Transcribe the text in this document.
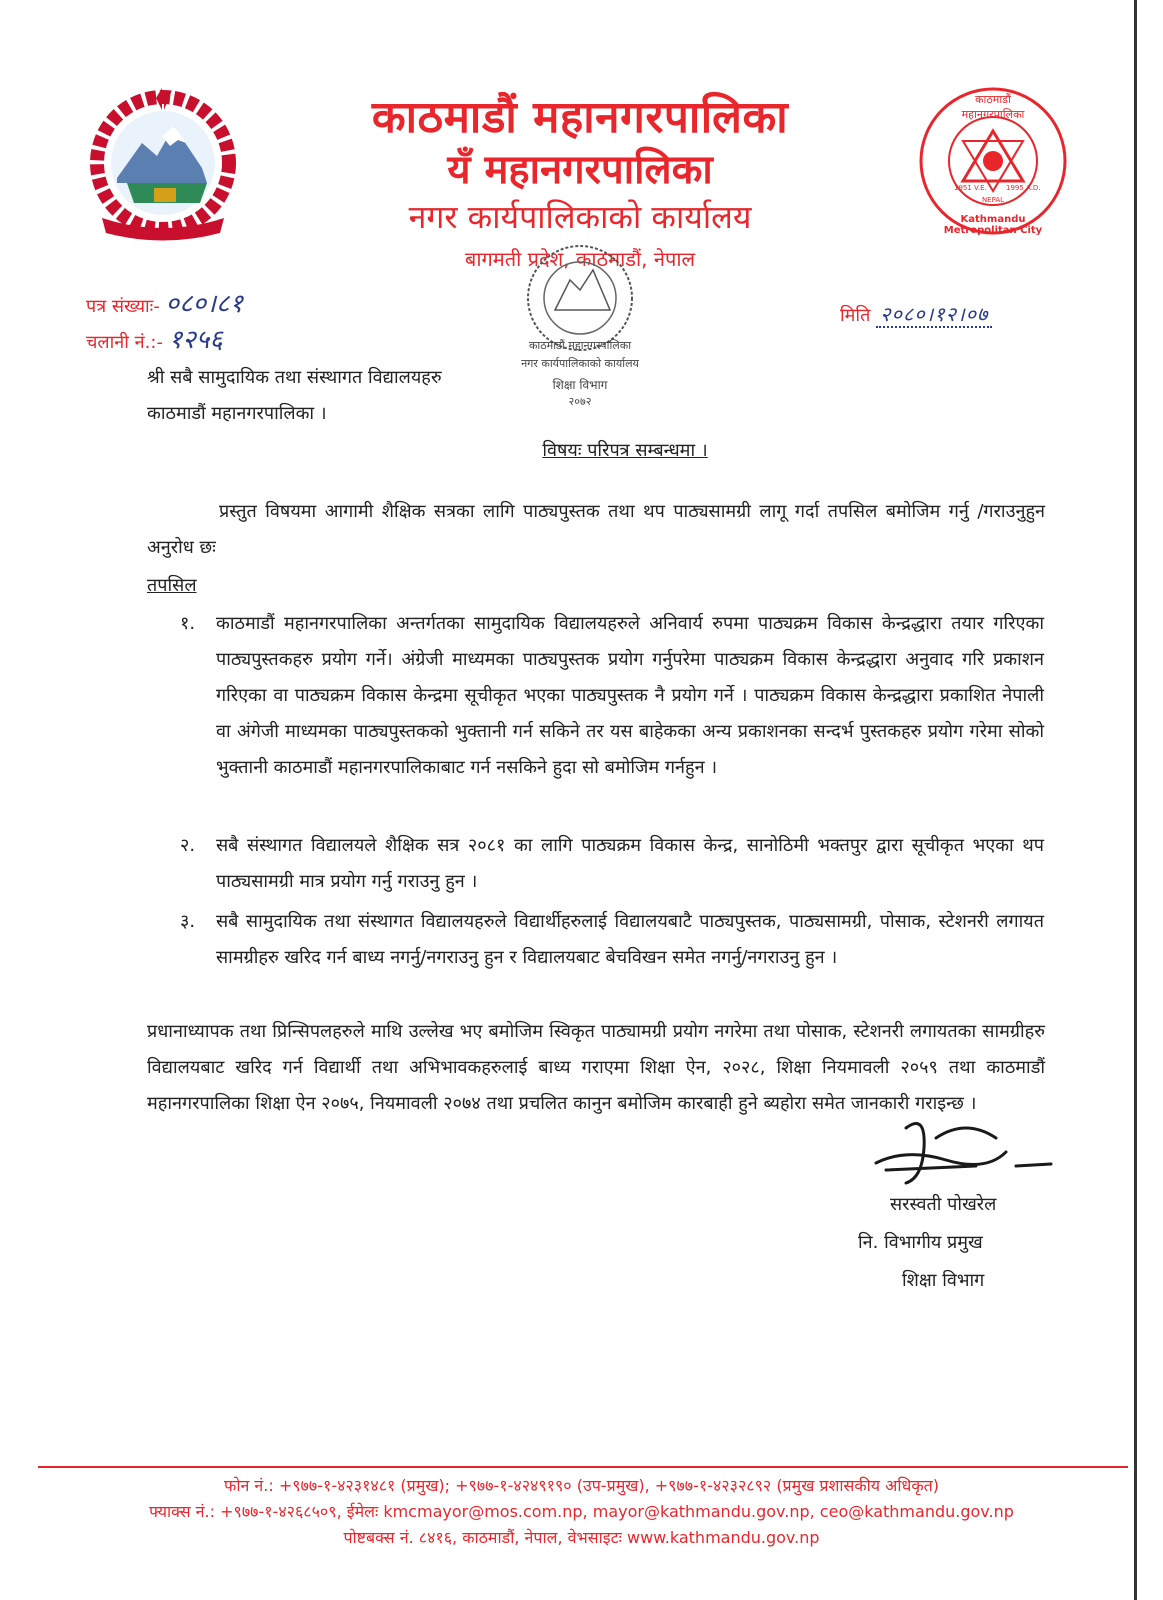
काठमाडौं महानगरपालिका
Kathmandu Metropolitan City
1951 V.E.	1995 A.D.
NEPAL
काठमाडौं महानगरपालिका
यँ महानगरपालिका
नगर कार्यपालिकाको कार्यालय
बागमती प्रदेश, काठमाडौं, नेपाल
पत्र संख्याः- ०८०।८१
चलानी नं.:- १२५६
मिति २०८०।१२।०७
काठमाडौं महानगरपालिका
नगर कार्यपालिकाको कार्यालय
शिक्षा विभाग
२०७२
श्री सबै सामुदायिक तथा संस्थागत विद्यालयहरु
काठमाडौं महानगरपालिका ।
विषयः परिपत्र सम्बन्धमा ।
प्रस्तुत विषयमा आगामी शैक्षिक सत्रका लागि पाठ्यपुस्तक तथा थप पाठ्यसामग्री लागू गर्दा तपसिल बमोजिम गर्नु /गराउनुहुन अनुरोध छः
तपसिल
१.	काठमाडौं महानगरपालिका अन्तर्गतका सामुदायिक विद्यालयहरुले अनिवार्य रुपमा पाठ्यक्रम विकास केन्द्रद्धारा तयार गरिएका पाठ्यपुस्तकहरु प्रयोग गर्ने। अंग्रेजी माध्यमका पाठ्यपुस्तक प्रयोग गर्नुपरेमा पाठ्यक्रम विकास केन्द्रद्धारा अनुवाद गरि प्रकाशन गरिएका वा पाठ्यक्रम विकास केन्द्रमा सूचीकृत भएका पाठ्यपुस्तक नै प्रयोग गर्ने । पाठ्यक्रम विकास केन्द्रद्धारा प्रकाशित नेपाली वा अंगेजी माध्यमका पाठ्यपुस्तकको भुक्तानी गर्न सकिने तर यस बाहेकका अन्य प्रकाशनका सन्दर्भ पुस्तकहरु प्रयोग गरेमा सोको भुक्तानी काठमाडौं महानगरपालिकाबाट गर्न नसकिने हुदा सो बमोजिम गर्नहुन ।
२.	सबै संस्थागत विद्यालयले शैक्षिक सत्र २०८१ का लागि पाठ्यक्रम विकास केन्द्र, सानोठिमी भक्तपुर द्वारा सूचीकृत भएका थप पाठ्यसामग्री मात्र प्रयोग गर्नु गराउनु हुन ।
३.	सबै सामुदायिक तथा संस्थागत विद्यालयहरुले विद्यार्थीहरुलाई विद्यालयबाटै पाठ्यपुस्तक, पाठ्यसामग्री, पोसाक, स्टेशनरी लगायत सामग्रीहरु खरिद गर्न बाध्य नगर्नु/नगराउनु हुन र विद्यालयबाट बेचविखन समेत नगर्नु/नगराउनु हुन ।
प्रधानाध्यापक तथा प्रिन्सिपलहरुले माथि उल्लेख भए बमोजिम स्विकृत पाठ्यामग्री प्रयोग नगरेमा तथा पोसाक, स्टेशनरी लगायतका सामग्रीहरु विद्यालयबाट खरिद गर्न विद्यार्थी तथा अभिभावकहरुलाई बाध्य गराएमा शिक्षा ऐन, २०२८, शिक्षा नियमावली २०५९ तथा काठमाडौं महानगरपालिका शिक्षा ऐन २०७५, नियमावली २०७४ तथा प्रचलित कानुन बमोजिम कारबाही हुने ब्यहोरा समेत जानकारी गराइन्छ ।
सरस्वती पोखरेल
नि. विभागीय प्रमुख
शिक्षा विभाग
फोन नं.: +९७७-१-४२३१४८१ (प्रमुख); +९७७-१-४२४९१९० (उप-प्रमुख), +९७७-१-४२३२८९२ (प्रमुख प्रशासकीय अधिकृत)
फ्याक्स नं.: +९७७-१-४२६८५०९, ईमेलः kmcmayor@mos.com.np, mayor@kathmandu.gov.np, ceo@kathmandu.gov.np
पोष्टबक्स नं. ८४१६, काठमाडौं, नेपाल, वेभसाइटः www.kathmandu.gov.np
